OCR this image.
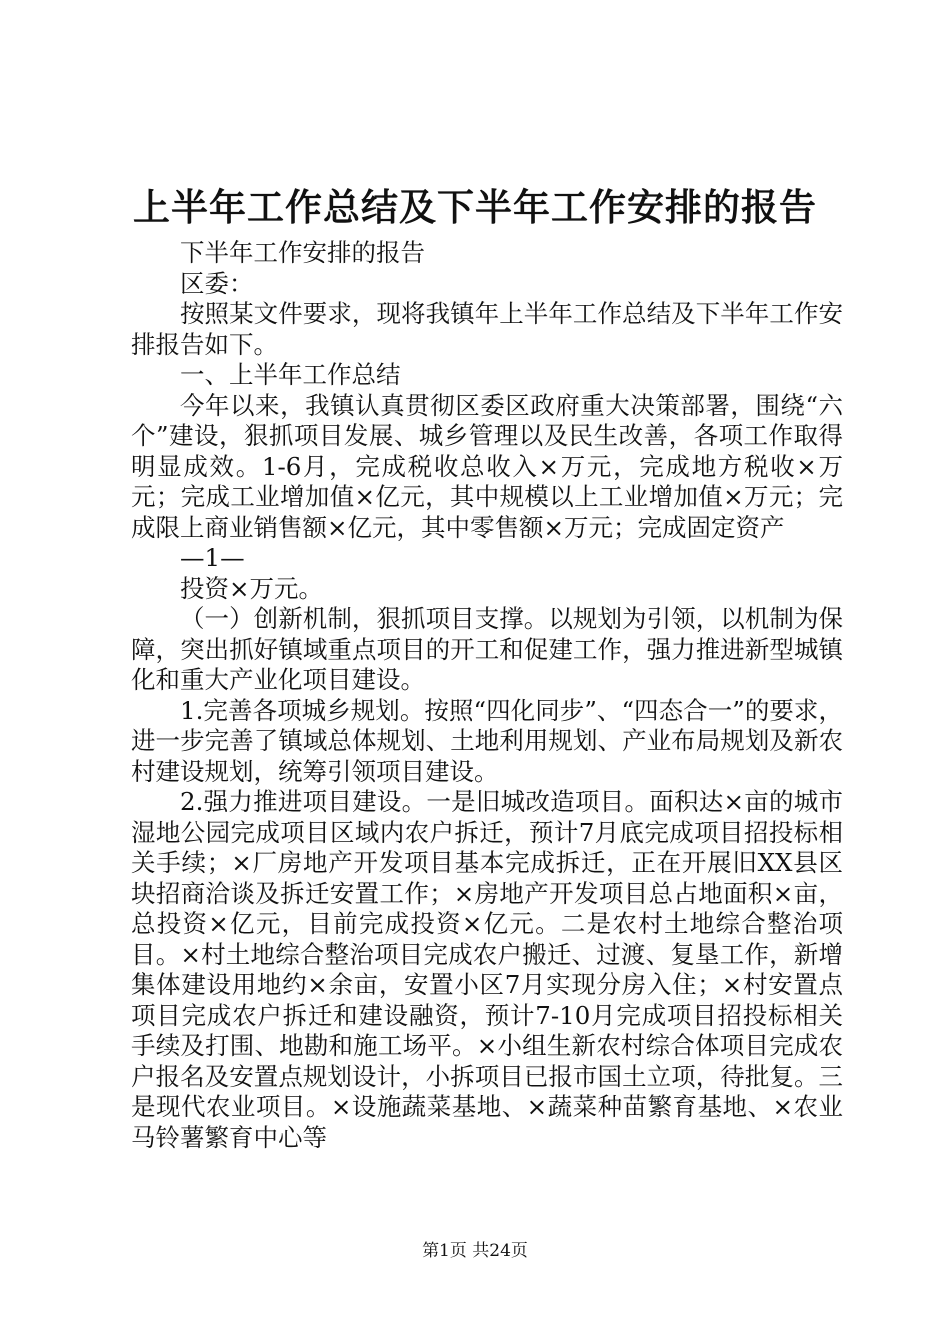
上半年工作总结及下半年工作安排的报告

下半年工作安排的报告

区委：

按照某文件要求，现将我镇年上半年工作总结及下半年工作安排报告如下。

一、上半年工作总结

今年以来，我镇认真贯彻区委区政府重大决策部署，围绕“六个”建设，狠抓项目发展、城乡管理以及民生改善，各项工作取得明显成效。1-6月，完成税收总收入×万元，完成地方税收×万元；完成工业增加值×亿元，其中规模以上工业增加值×万元；完成限上商业销售额×亿元，其中零售额×万元；完成固定资产

—1—

投资×万元。

（一）创新机制，狠抓项目支撑。以规划为引领，以机制为保障，突出抓好镇域重点项目的开工和促建工作，强力推进新型城镇化和重大产业化项目建设。

1.完善各项城乡规划。按照“四化同步”、“四态合一”的要求，进一步完善了镇域总体规划、土地利用规划、产业布局规划及新农村建设规划，统筹引领项目建设。

2.强力推进项目建设。一是旧城改造项目。面积达×亩的城市湿地公园完成项目区域内农户拆迁，预计7月底完成项目招投标相关手续；×厂房地产开发项目基本完成拆迁，正在开展旧XX县区块招商洽谈及拆迁安置工作；×房地产开发项目总占地面积×亩，总投资×亿元，目前完成投资×亿元。二是农村土地综合整治项目。×村土地综合整治项目完成农户搬迁、过渡、复垦工作，新增集体建设用地约×余亩，安置小区7月实现分房入住；×村安置点项目完成农户拆迁和建设融资，预计7-10月完成项目招投标相关手续及打围、地勘和施工场平。×小组生新农村综合体项目完成农户报名及安置点规划设计，小拆项目已报市国土立项，待批复。三是现代农业项目。×设施蔬菜基地、×蔬菜种苗繁育基地、×农业马铃薯繁育中心等

第1页 共24页
